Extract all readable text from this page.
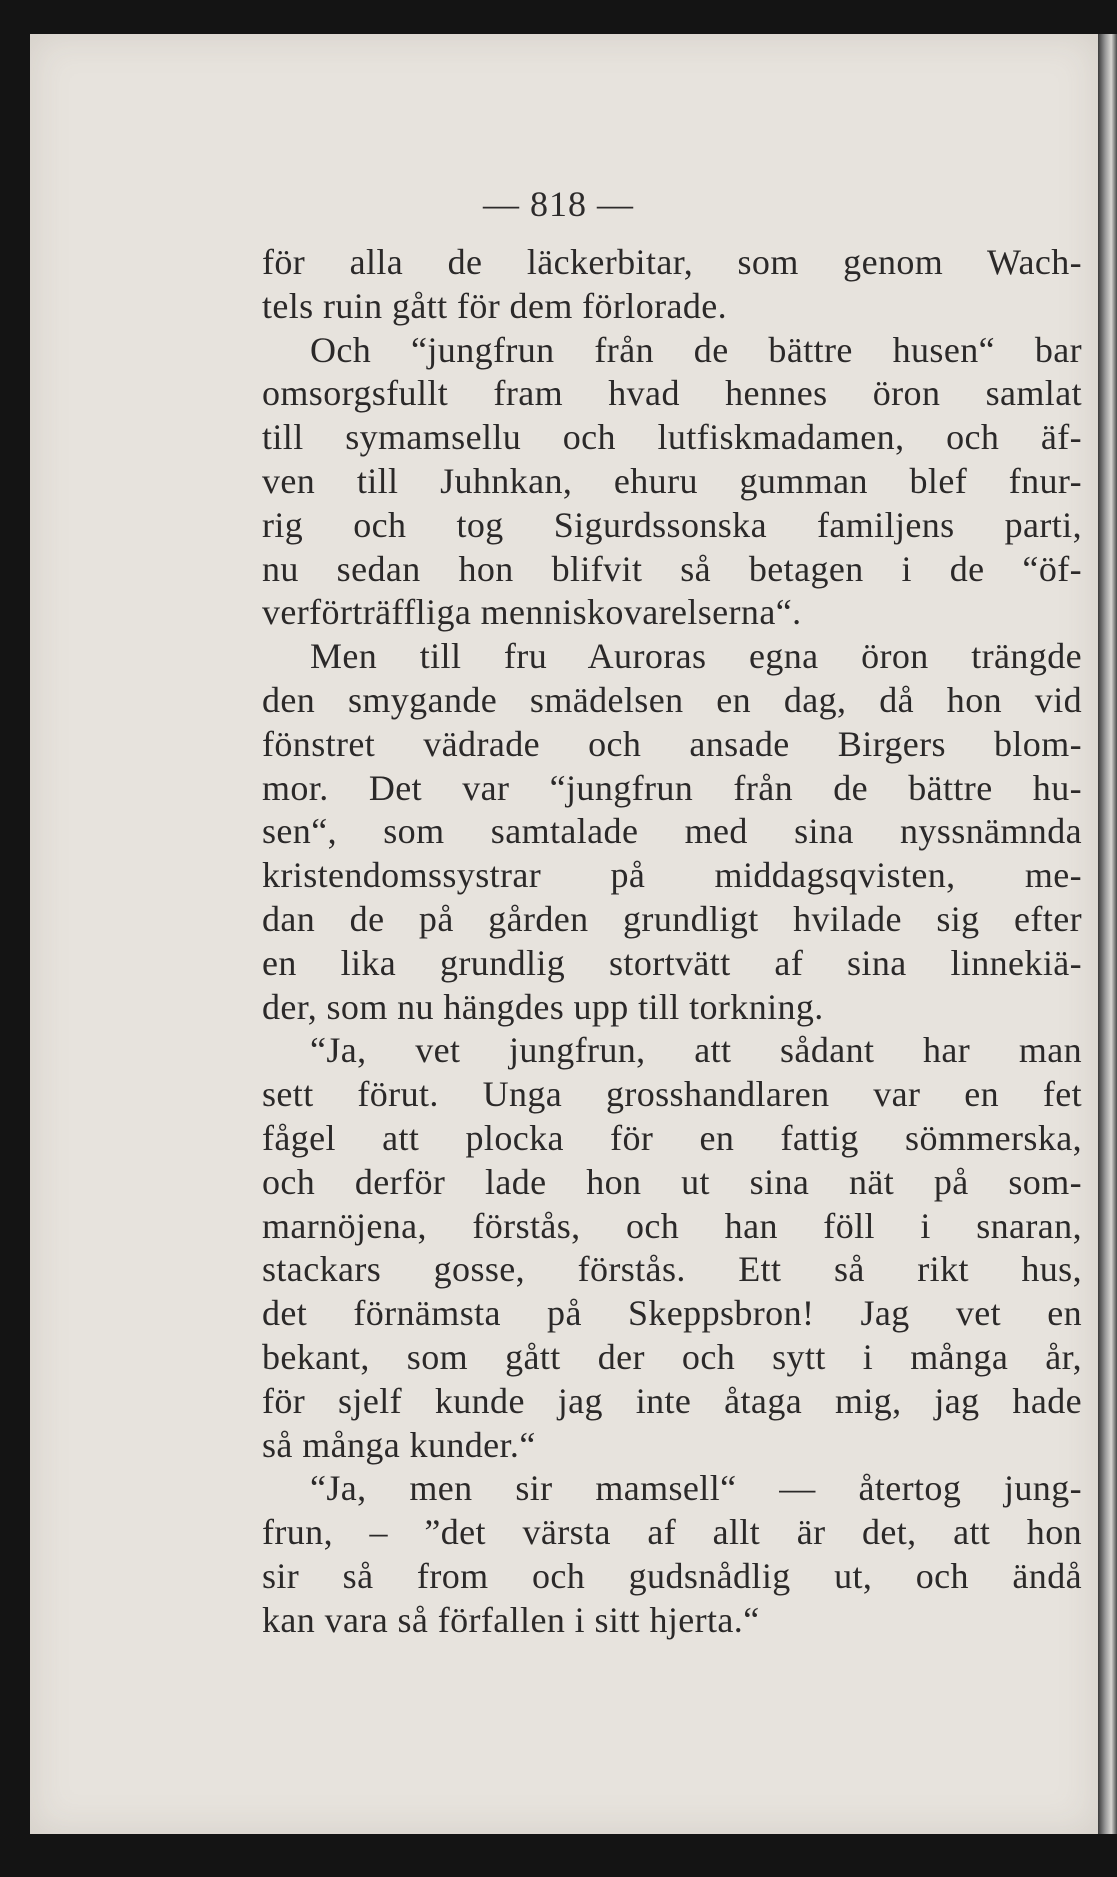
— 818 —
för alla de läckerbitar, som genom Wach-
tels ruin gått för dem förlorade.
Och “jungfrun från de bättre husen“ bar
omsorgsfullt fram hvad hennes öron samlat
till symamsellu och lutfiskmadamen, och äf-
ven till Juhnkan, ehuru gumman blef fnur-
rig och tog Sigurdssonska familjens parti,
nu sedan hon blifvit så betagen i de “öf-
verförträffliga menniskovarelserna“.
Men till fru Auroras egna öron trängde
den smygande smädelsen en dag, då hon vid
fönstret vädrade och ansade Birgers blom-
mor. Det var “jungfrun från de bättre hu-
sen“, som samtalade med sina nyssnämnda
kristendomssystrar på middagsqvisten, me-
dan de på gården grundligt hvilade sig efter
en lika grundlig stortvätt af sina linnekiä-
der, som nu hängdes upp till torkning.
“Ja, vet jungfrun, att sådant har man
sett förut. Unga grosshandlaren var en fet
fågel att plocka för en fattig sömmerska,
och derför lade hon ut sina nät på som-
marnöjena, förstås, och han föll i snaran,
stackars gosse, förstås. Ett så rikt hus,
det förnämsta på Skeppsbron! Jag vet en
bekant, som gått der och sytt i många år,
för sjelf kunde jag inte åtaga mig, jag hade
så många kunder.“
“Ja, men sir mamsell“ — återtog jung-
frun, – ”det värsta af allt är det, att hon
sir så from och gudsnådlig ut, och ändå
kan vara så förfallen i sitt hjerta.“
